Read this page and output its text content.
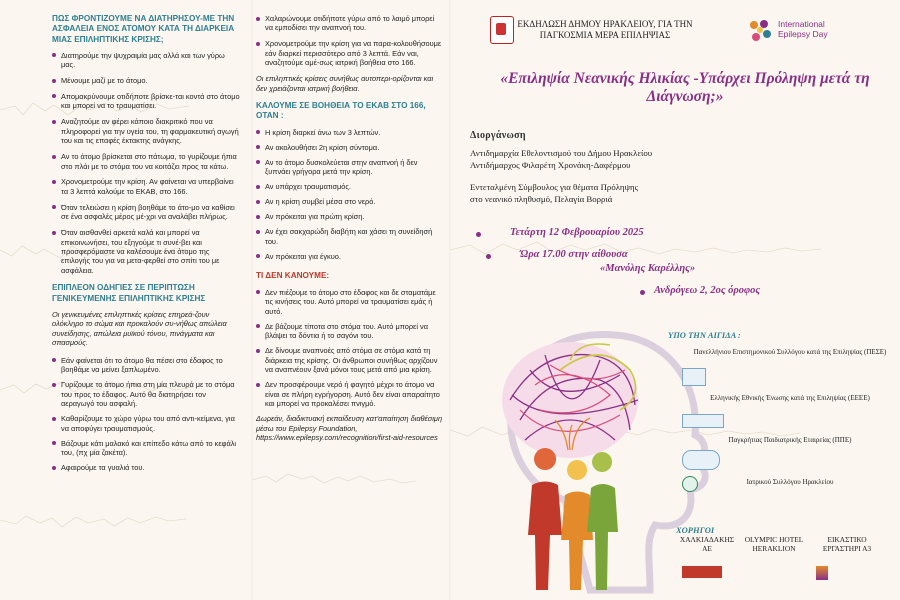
ΠΩΣ ΦΡΟΝΤΙΖΟΥΜΕ ΝΑ ΔΙΑΤΗΡΗΣΟΥ-ΜΕ ΤΗΝ ΑΣΦΑΛΕΙΑ ΕΝΟΣ ΑΤΟΜΟΥ ΚΑΤΑ ΤΗ ΔΙΑΡΚΕΙΑ ΜΙΑΣ ΕΠΙΛΗΠΤΙΚΗΣ ΚΡΙΣΗΣ;
Διατηρούμε την ψυχραιμία μας αλλά και των γύρω μας.
Μένουμε μαζί με το άτομο.
Απομακρύνουμε οτιδήποτε βρίσκε-ται κοντά στο άτομο και μπορεί να το τραυματίσει.
Αναζητούμε αν φέρει κάποιο διακριτικό που να πληροφορεί για την υγεία του, τη φαρμακευτική αγωγή του και τις επαφές έκτακτης ανάγκης.
Αν το άτομο βρίσκεται στο πάτωμα, το γυρίζουμε ήπια στο πλάι με το στόμα του να κοιτάζει προς τα κάτω.
Χρονομετρούμε την κρίση. Αν φαίνεται να υπερβαίνει τα 3 λεπτά καλούμε το ΕΚΑΒ, στο 166.
Όταν τελειώσει η κρίση βοηθάμε το άτο-μο να καθίσει σε ένα ασφαλές μέρος μέ-χρι να αναλάβει πλήρως.
Όταν αισθανθεί αρκετά καλά και μπορεί να επικοινωνήσει, του εξηγούμε τι συνέ-βει και προσφερόμαστε να καλέσουμε ένα άτομο της επιλογής του για να μετα-φερθεί στο σπίτι του με ασφάλεια.
ΕΠΙΠΛΕΟΝ ΟΔΗΓΙΕΣ ΣΕ ΠΕΡΙΠΤΩΣΗ ΓΕΝΙΚΕΥΜΕΝΗΣ ΕΠΙΛΗΠΤΙΚΗΣ ΚΡΙΣΗΣ
Οι γενικευμένες επιληπτικές κρίσεις επηρεά-ζουν ολόκληρο το σώμα και προκαλούν συ-νήθως απώλεια συνείδησης, απώλεια μυϊκού τόνου, πινάγματα και σπασμούς.
Εάν φαίνεται ότι το άτομο θα πέσει στο έδαφος το βοηθάμε να μείνει ξαπλωμένο.
Γυρίζουμε το άτομο ήπια στη μία πλευρά με το στόμα του προς το έδαφος. Αυτό θα διατηρήσει τον αεραγωγό του ασφαλή.
Καθαρίζουμε το χώρο γύρω του από αντι-κείμενα, για να αποφύγει τραυματισμούς.
Βάζουμε κάτι μαλακό και επίπεδο κάτω από το κεφάλι του, (πχ μία ζακέτα).
Αφαιρούμε τα γυαλιά του.
Χαλαρώνουμε οτιδήποτε γύρω από το λαιμό μπορεί να εμποδίσει την αναπνοή του.
Χρονομετρούμε την κρίση για να παρα-κολουθήσουμε εάν διαρκεί περισσότερο από 3 λεπτά. Εάν ναι, αναζητούμε αμέ-σως ιατρική βοήθεια στο 166.
Οι επιληπτικές κρίσεις συνήθως αυτοπερι-ορίζονται και δεν χρειάζονται ιατρική βοήθεια.
ΚΑΛΟΥΜΕ ΣΕ ΒΟΗΘΕΙΑ ΤΟ ΕΚΑΒ ΣΤΟ 166, ΟΤΑΝ :
Η κρίση διαρκεί άνω των 3 λεπτών.
Αν ακολουθήσει 2η κρίση σύντομα.
Αν το άτομο δυσκολεύεται στην αναπνοή ή δεν ξυπνάει γρήγορα μετά την κρίση.
Αν υπάρχει τραυματισμός.
Αν η κρίση συμβεί μέσα στο νερό.
Αν πρόκειται για πρώτη κρίση.
Αν έχει σακχαρώδη διαβήτη και χάσει τη συνείδησή του.
Αν πρόκειται για έγκυο.
ΤΙ ΔΕΝ ΚΑΝΟΥΜΕ:
Δεν πιέζουμε το άτομο στο έδαφος και δε σταματάμε τις κινήσεις του. Αυτό μπορεί να τραυματίσει εμάς ή αυτό.
Δε βάζουμε τίποτα στο στόμα του. Αυτό μπορεί να βλάψει τα δόντια ή το σαγόνι του.
Δε δίνουμε αναπνοές από στόμα σε στόμα κατά τη διάρκεια της κρίσης. Οι άνθρωποι συνήθως αρχίζουν να αναπνέουν ξανά μόνοι τους μετά από μια κρίση.
Δεν προσφέρουμε νερό ή φαγητό μέχρι το άτομο να είναι σε πλήρη εγρήγορση. Αυτό δεν είναι απαραίτητο και μπορεί να προκαλέσει πνιγμό.
Δωρεάν, διαδικτυακή εκπαίδευση κατ'απαίτηση διαθέσιμη μέσω του Epilepsy Foundation, https://www.epilepsy.com/recognition/first-aid-resources
ΕΚΔΗΛΩΣΗ ΔΗΜΟΥ ΗΡΑΚΛΕΙΟΥ, ΓΙΑ ΤΗΝ ΠΑΓΚΟΣΜΙΑ ΜΕΡΑ ΕΠΙΛΗΨΙΑΣ
International
Epilepsy Day
«Επιληψία Νεανικής Ηλικίας -Υπάρχει Πρόληψη μετά τη Διάγνωση;»
Διοργάνωση
Αντιδημαρχία Εθελοντισμού του Δήμου Ηρακλείου
Αντιδήμαρχος Φιλαρέτη Χρονάκη-Δαφέρμου
Εντεταλμένη Σύμβουλος για θέματα Πρόληψης
στο νεανικό πληθυσμό, Πελαγία Βορριά
Τετάρτη 12 Φεβρουαρίου 2025
Ώρα 17.00 στην αίθουσα
«Μανόλης Καρέλλης»
Ανδρόγεω 2, 2ος όροφος
ΥΠΟ ΤΗΝ ΑΙΓΙΔΑ :
Πανελλήνιου Επιστημονικού Συλλόγου κατά της Επιληψίας (ΠΕΣΕ)
Ελληνικής Εθνικής Ένωσης κατά της Επιληψίας (ΕΕΕΕ)
Παγκρήτιας Παιδιατρικής Εταιρείας (ΠΠΕ)
Ιατρικού Συλλόγου Ηρακλείου
ΧΟΡΗΓΟΙ
ΧΑΛΚΙΑΔΑΚΗΣ ΑΕ
OLYMPIC HOTEL HERAKLION
ΕΙΚΑΣΤΙΚΟ ΕΡΓΑΣΤΗΡΙ Α3
